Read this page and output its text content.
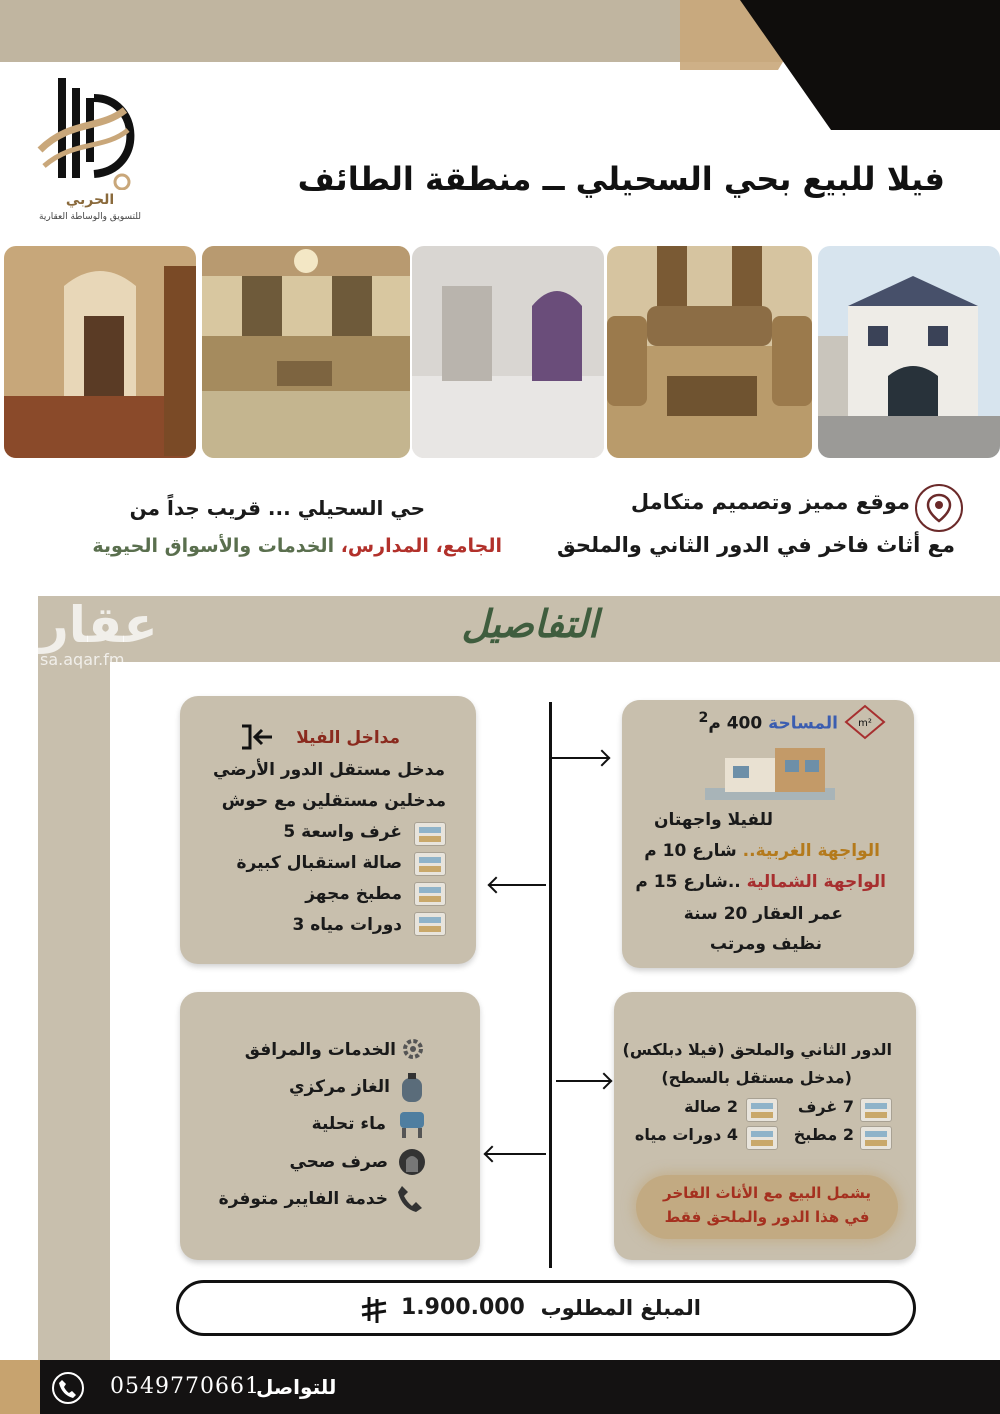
الحربي
للتسويق والوساطة العقارية
فيلا للبيع بحي السحيلي ــ منطقة الطائف
موقع مميز وتصميم متكامل
مع أثاث فاخر في الدور الثاني والملحق
حي السحيلي ... قريب جداً من
الجامع، المدارس، الخدمات والأسواق الحيوية
عقار
sa.aqar.fm
التفاصيل
m²
المساحة 400 م$^2$
للفيلا واجهتان
الواجهة الغربية.. شارع 10 م
الواجهة الشمالية ..شارع 15 م
عمر العقار 20 سنة
نظيف ومرتب
مداخل الفيلا
مدخل مستقل الدور الأرضي
مدخلين مستقلين مع حوش
غرف واسعة 5
صالة استقبال كبيرة
مطبخ مجهز
دورات مياه 3
الدور الثاني والملحق (فيلا دبلكس)
(مدخل مستقل بالسطح)
7 غرف
2 صالة
2 مطبخ
4 دورات مياه
يشمل البيع مع الأثاث الفاخر
في هذا الدور والملحق فقط
الخدمات والمرافق
الغاز مركزي
ماء تحلية
صرف صحي
خدمة الفايبر متوفرة
المبلغ المطلوب
1.900.000
0549770661
للتواصل
